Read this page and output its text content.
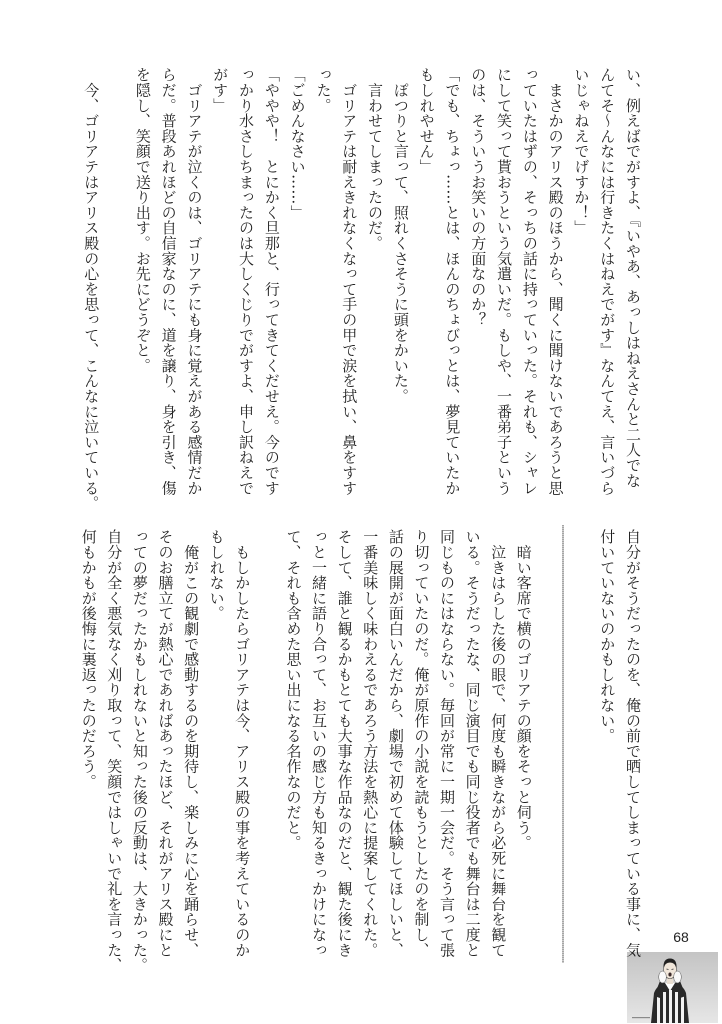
い、例えばでがすよ、『いやあ、あっしはねえさんと二人でな
んてそ～んなには行きたくはねえでがす』なんてえ、言いづら
いじゃねえでげすか！」
　まさかのアリス殿のほうから、聞くに聞けないであろうと思
っていたはずの、そっちの話に持っていった。それも、シャレ
にして笑って貰おうという気遣いだ。もしや、一番弟子という
のは、そういうお笑いの方面なのか？
「でも、ちょっ……とは、ほんのちょびっとは、夢見ていたか
もしれやせん」
　ぽつりと言って、照れくさそうに頭をかいた。
　言わせてしまったのだ。
　ゴリアテは耐えきれなくなって手の甲で涙を拭い、鼻をすす
った。
「ごめんなさい……」
「ややや！　とにかく旦那と、行ってきてくだせえ。今のです
っかり水さしちまったのは大しくじりでがすよ、申し訳ねえで
がす」
　ゴリアテが泣くのは、ゴリアテにも身に覚えがある感情だか
らだ。普段あれほどの自信家なのに、道を譲り、身を引き、傷
を隠し、笑顔で送り出す。お先にどうぞと。
　今、ゴリアテはアリス殿の心を思って、こんなに泣いている。
自分がそうだったのを、俺の前で晒してしまっている事に、気
付いていないのかもしれない。
　暗い客席で横のゴリアテの顔をそっと伺う。
　泣きはらした後の眼で、何度も瞬きながら必死に舞台を観て
いる。そうだったな、同じ演目でも同じ役者でも舞台は二度と
同じものにはならない。毎回が常に一期一会だ。そう言って張
り切っていたのだ。俺が原作の小説を読もうとしたのを制し、
話の展開が面白いんだから、劇場で初めて体験してほしいと、
一番美味しく味わえるであろう方法を熱心に提案してくれた。
そして、誰と観るかもとても大事な作品なのだと、観た後にき
っと一緒に語り合って、お互いの感じ方も知るきっかけになっ
て、それも含めた思い出になる名作なのだと。
　もしかしたらゴリアテは今、アリス殿の事を考えているのか
もしれない。
　俺がこの観劇で感動するのを期待し、楽しみに心を踊らせ、
そのお膳立てが熱心であればあったほど、それがアリス殿にと
っての夢だったかもしれないと知った後の反動は、大きかった。
自分が全く悪気なく刈り取って、笑顔ではしゃいで礼を言った、
何もかもが後悔に裏返ったのだろう。
68
